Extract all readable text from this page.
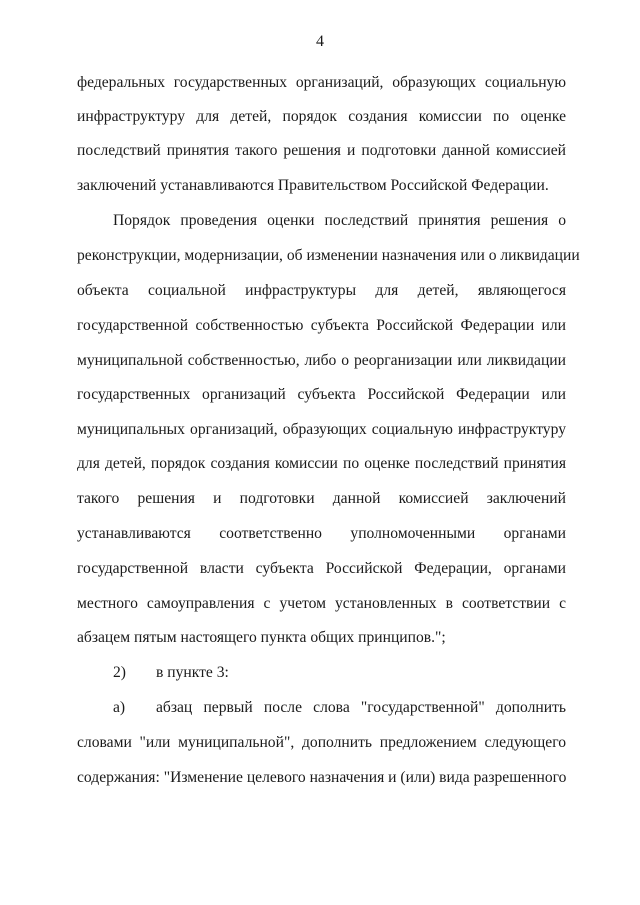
4
федеральных государственных организаций, образующих социальную
инфраструктуру для детей, порядок создания комиссии по оценке
последствий принятия такого решения и подготовки данной комиссией
заключений устанавливаются Правительством Российской Федерации.
Порядок проведения оценки последствий принятия решения о
реконструкции, модернизации, об изменении назначения или о ликвидации
объекта социальной инфраструктуры для детей, являющегося
государственной собственностью субъекта Российской Федерации или
муниципальной собственностью, либо о реорганизации или ликвидации
государственных организаций субъекта Российской Федерации или
муниципальных организаций, образующих социальную инфраструктуру
для детей, порядок создания комиссии по оценке последствий принятия
такого решения и подготовки данной комиссией заключений
устанавливаются соответственно уполномоченными органами
государственной власти субъекта Российской Федерации, органами
местного самоуправления с учетом установленных в соответствии с
абзацем пятым настоящего пункта общих принципов.";
2) в пункте 3:
а) абзац первый после слова "государственной" дополнить
словами "или муниципальной", дополнить предложением следующего
содержания: "Изменение целевого назначения и (или) вида разрешенного
